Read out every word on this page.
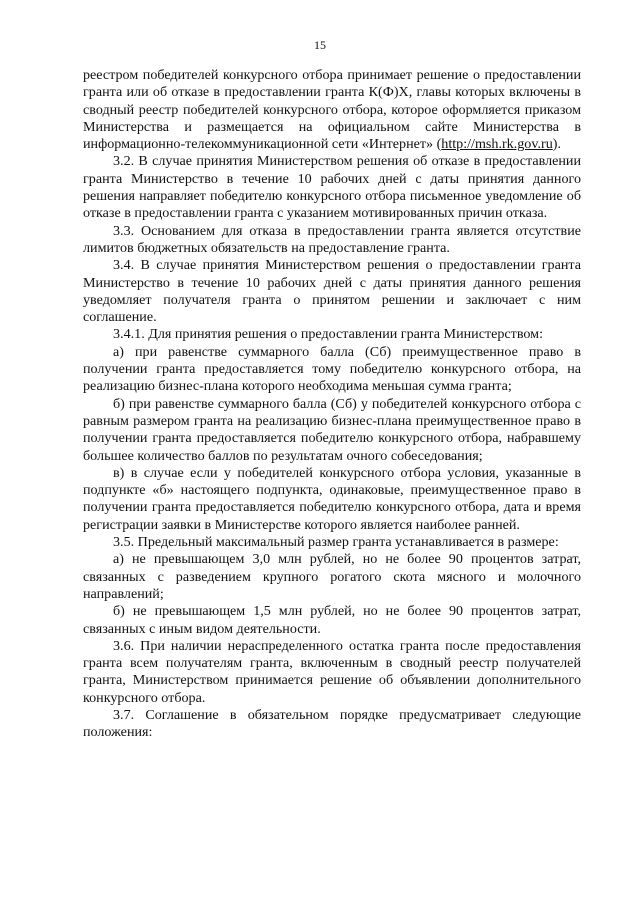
15

реестром победителей конкурсного отбора принимает решение о предоставлении гранта или об отказе в предоставлении гранта К(Ф)Х, главы которых включены в сводный реестр победителей конкурсного отбора, которое оформляется приказом Министерства и размещается на официальном сайте Министерства в информационно-телекоммуникационной сети «Интернет» (http://msh.rk.gov.ru).

3.2. В случае принятия Министерством решения об отказе в предоставлении гранта Министерство в течение 10 рабочих дней с даты принятия данного решения направляет победителю конкурсного отбора письменное уведомление об отказе в предоставлении гранта с указанием мотивированных причин отказа.

3.3. Основанием для отказа в предоставлении гранта является отсутствие лимитов бюджетных обязательств на предоставление гранта.

3.4. В случае принятия Министерством решения о предоставлении гранта Министерство в течение 10 рабочих дней с даты принятия данного решения уведомляет получателя гранта о принятом решении и заключает с ним соглашение.

3.4.1. Для принятия решения о предоставлении гранта Министерством:

а) при равенстве суммарного балла (Сб) преимущественное право в получении гранта предоставляется тому победителю конкурсного отбора, на реализацию бизнес-плана которого необходима меньшая сумма гранта;

б) при равенстве суммарного балла (Сб) у победителей конкурсного отбора с равным размером гранта на реализацию бизнес-плана преимущественное право в получении гранта предоставляется победителю конкурсного отбора, набравшему большее количество баллов по результатам очного собеседования;

в) в случае если у победителей конкурсного отбора условия, указанные в подпункте «б» настоящего подпункта, одинаковые, преимущественное право в получении гранта предоставляется победителю конкурсного отбора, дата и время регистрации заявки в Министерстве которого является наиболее ранней.

3.5. Предельный максимальный размер гранта устанавливается в размере:

а) не превышающем 3,0 млн рублей, но не более 90 процентов затрат, связанных с разведением крупного рогатого скота мясного и молочного направлений;

б) не превышающем 1,5 млн рублей, но не более 90 процентов затрат, связанных с иным видом деятельности.

3.6. При наличии нераспределенного остатка гранта после предоставления гранта всем получателям гранта, включенным в сводный реестр получателей гранта, Министерством принимается решение об объявлении дополнительного конкурсного отбора.

3.7. Соглашение в обязательном порядке предусматривает следующие положения:
